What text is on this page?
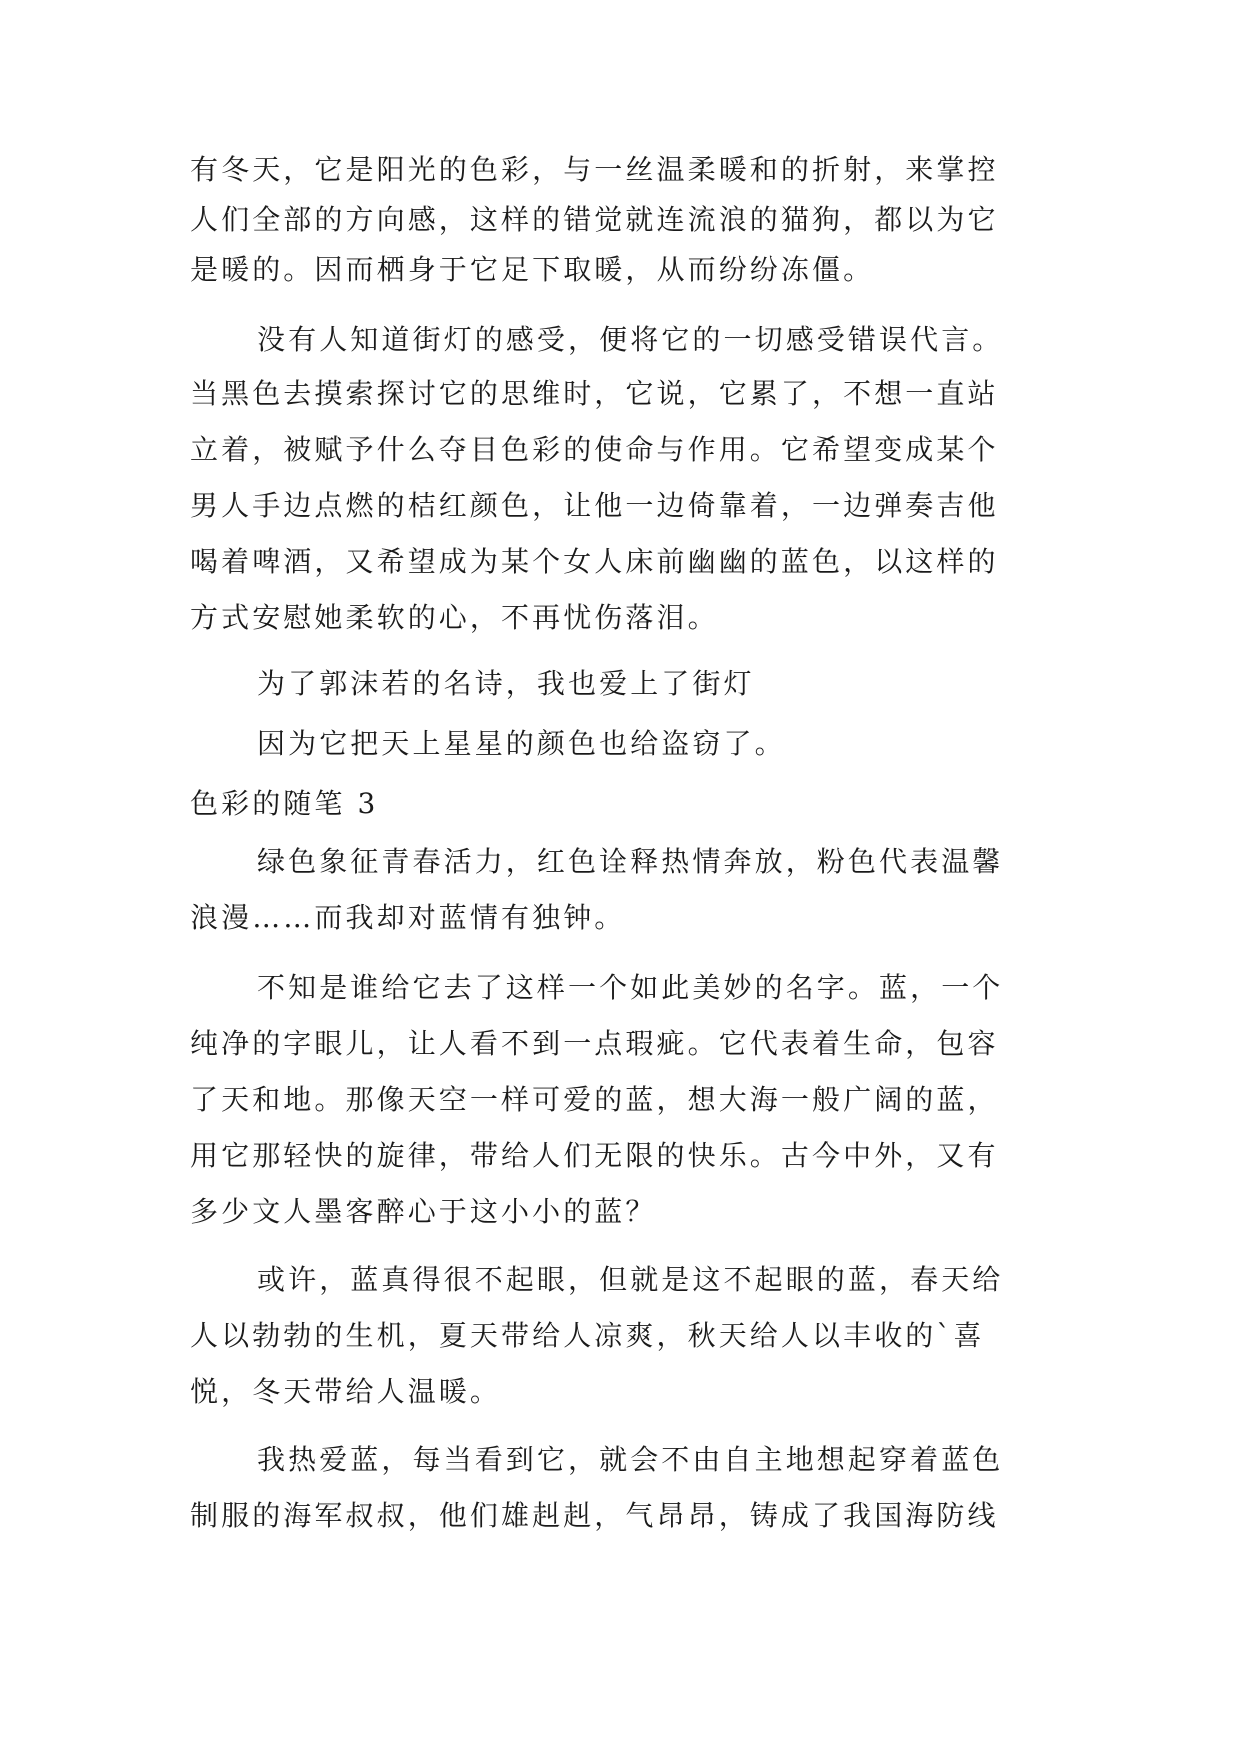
有冬天，它是阳光的色彩，与一丝温柔暖和的折射，来掌控
人们全部的方向感，这样的错觉就连流浪的猫狗，都以为它
是暖的。因而栖身于它足下取暖，从而纷纷冻僵。
没有人知道街灯的感受，便将它的一切感受错误代言。
当黑色去摸索探讨它的思维时，它说，它累了，不想一直站
立着，被赋予什么夺目色彩的使命与作用。它希望变成某个
男人手边点燃的桔红颜色，让他一边倚靠着，一边弹奏吉他
喝着啤酒，又希望成为某个女人床前幽幽的蓝色，以这样的
方式安慰她柔软的心，不再忧伤落泪。
为了郭沫若的名诗，我也爱上了街灯
因为它把天上星星的颜色也给盗窃了。
色彩的随笔 3
绿色象征青春活力，红色诠释热情奔放，粉色代表温馨
浪漫……而我却对蓝情有独钟。
不知是谁给它去了这样一个如此美妙的名字。蓝，一个
纯净的字眼儿，让人看不到一点瑕疵。它代表着生命，包容
了天和地。那像天空一样可爱的蓝，想大海一般广阔的蓝，
用它那轻快的旋律，带给人们无限的快乐。古今中外，又有
多少文人墨客醉心于这小小的蓝？
或许，蓝真得很不起眼，但就是这不起眼的蓝，春天给
人以勃勃的生机，夏天带给人凉爽，秋天给人以丰收的`喜
悦，冬天带给人温暖。
我热爱蓝，每当看到它，就会不由自主地想起穿着蓝色
制服的海军叔叔，他们雄赳赳，气昂昂，铸成了我国海防线
